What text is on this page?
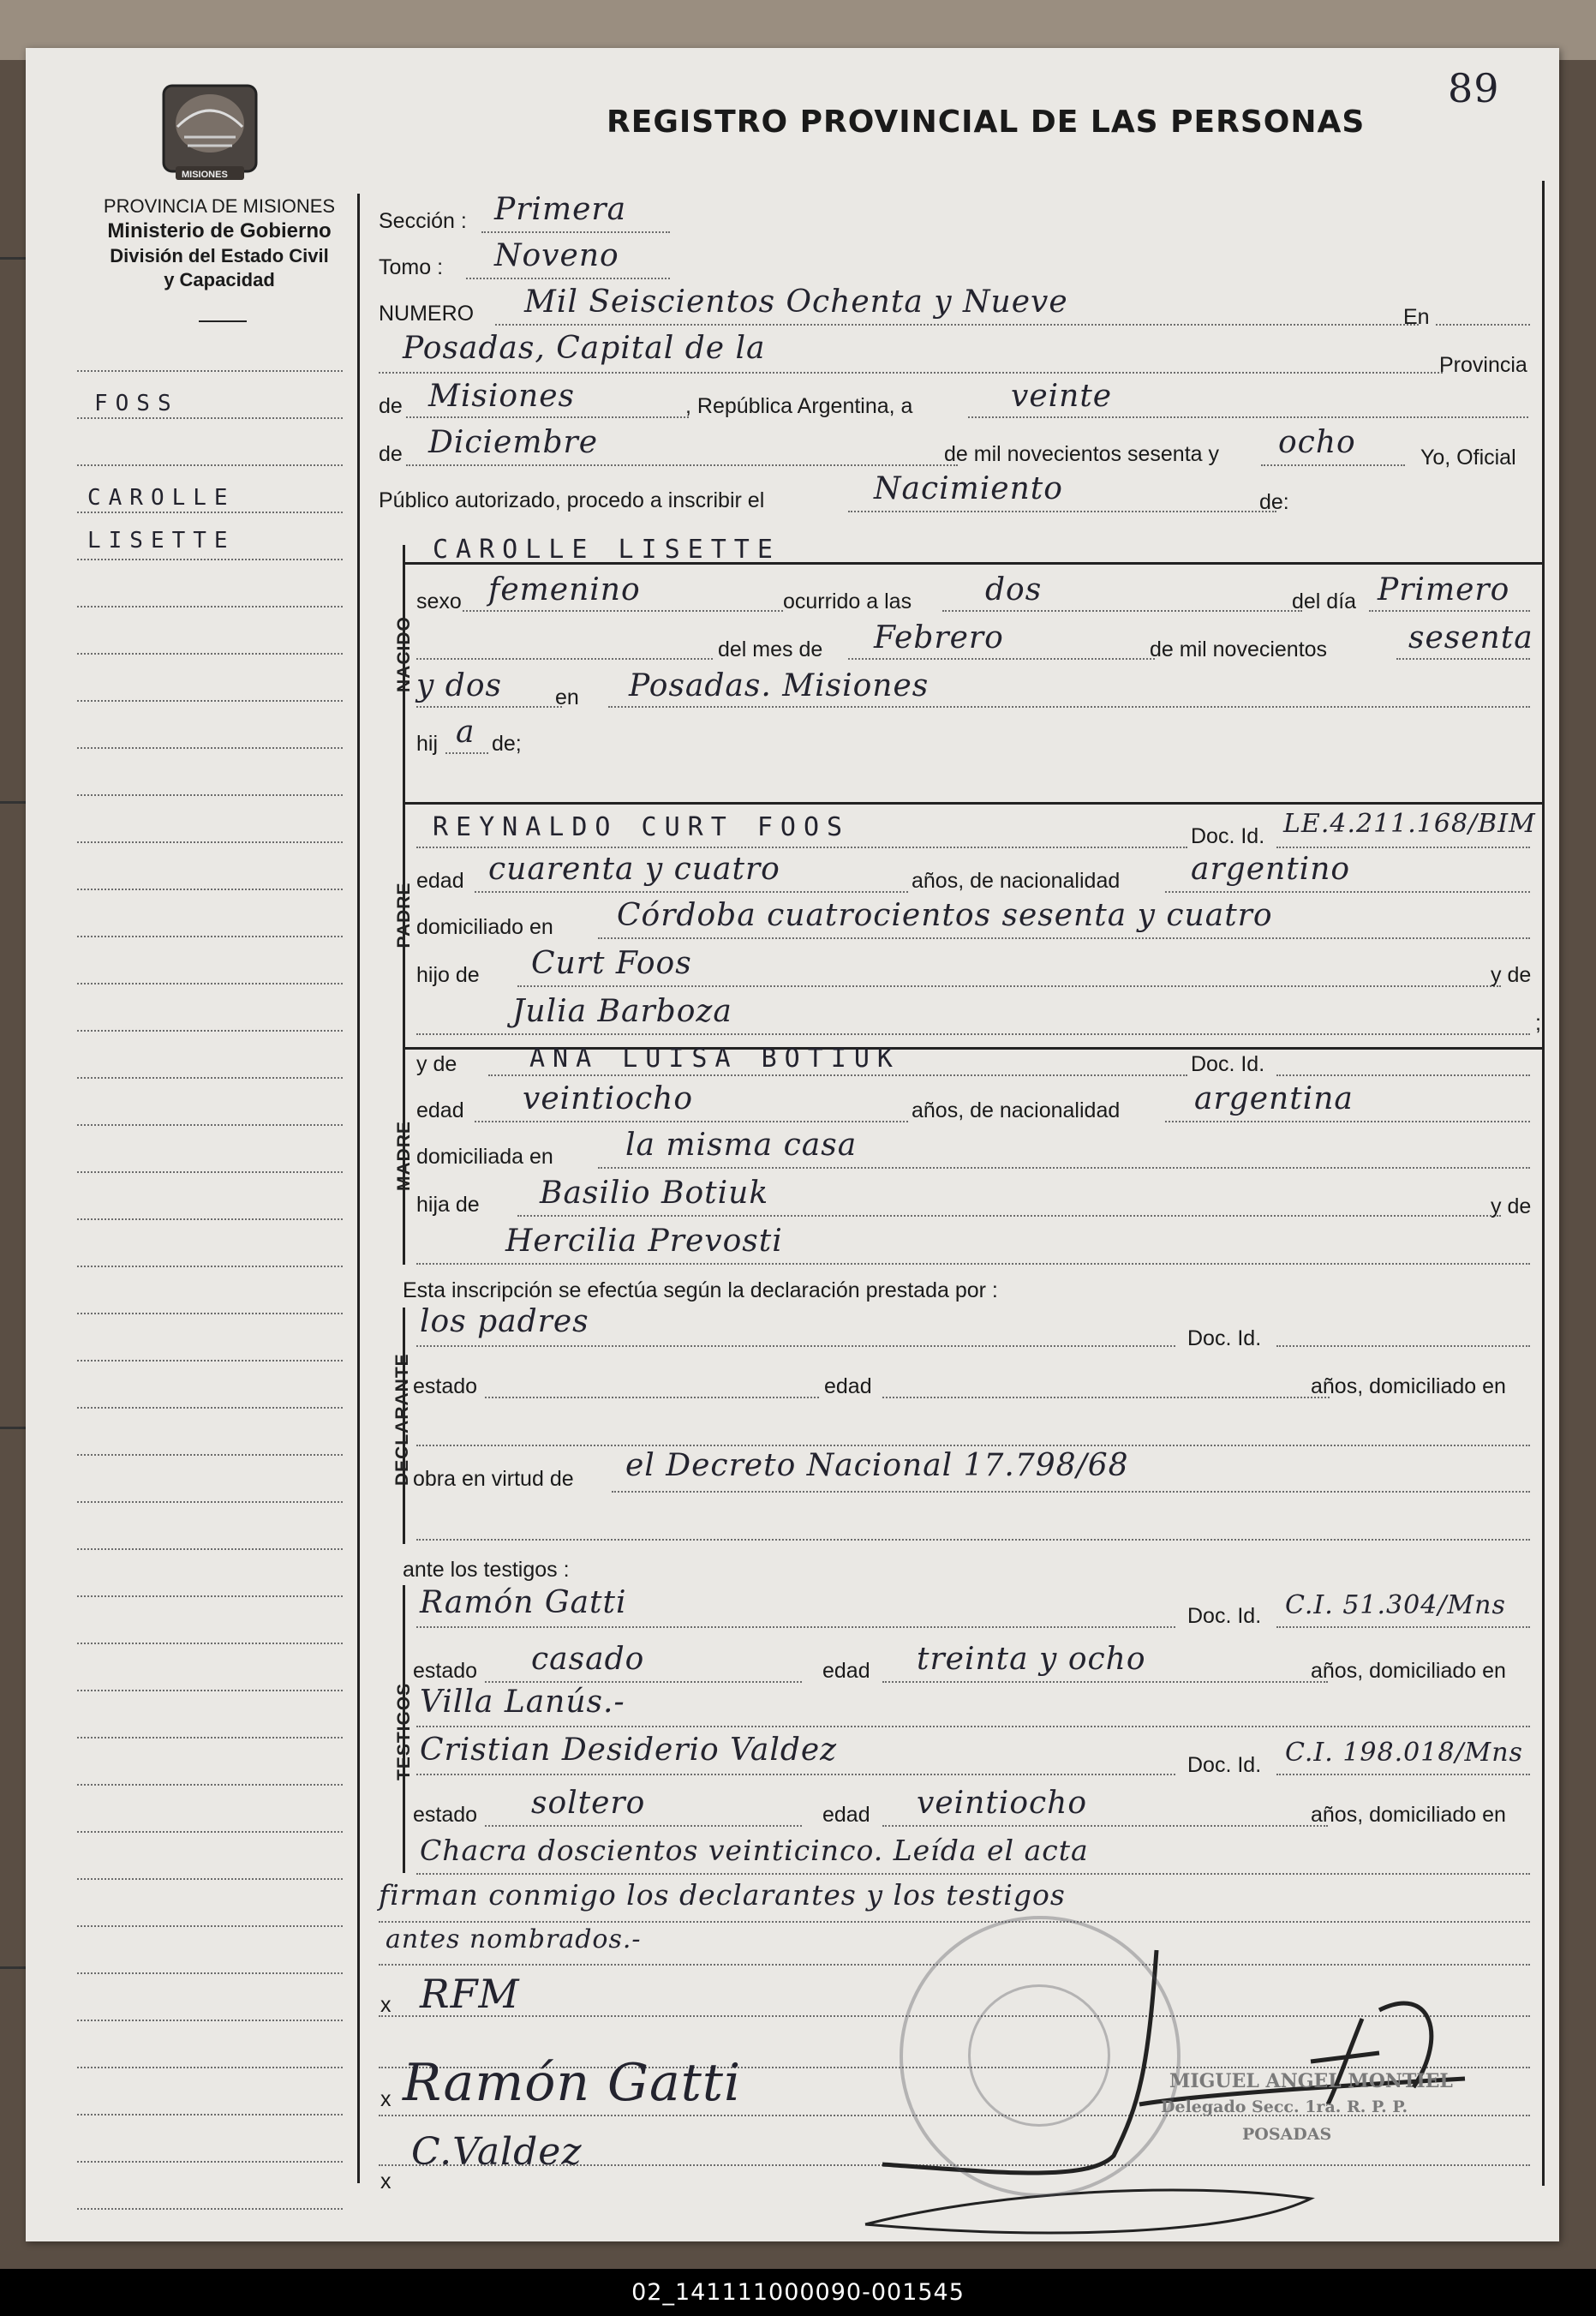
89
REGISTRO PROVINCIAL DE LAS PERSONAS
MISIONES
PROVINCIA DE MISIONES
Ministerio de Gobierno
División del Estado Civil
y Capacidad
FOSS
CAROLLE
LISETTE
Sección : Primera
Tomo : Noveno
NUMERO Mil Seiscientos Ochenta y Nueve	En
Posadas, Capital de la	Provincia
de Misiones	, República Argentina, a	veinte
de Diciembre	de mil novecientos sesenta y ocho	Yo, Oficial
Público autorizado, procedo a inscribir el	Nacimiento	de:
NACIDO
CAROLLE LISETTE
sexo femenino	ocurrido a las dos	del día Primero
del mes de Febrero	de mil novecientos	sesenta
y dos en Posadas. Misiones
hij a de;
PADRE
REYNALDO CURT FOOS	Doc. Id. LE.4.211.168/BIM
edad cuarenta y cuatro	años, de nacionalidad argentino
domiciliado en Córdoba cuatrocientos sesenta y cuatro
hijo de Curt Foos	y de
Julia Barboza	;
MADRE
y de	ANA LUISA BOTIUK	Doc. Id.
edad veintiocho	años, de nacionalidad argentina
domiciliada en la misma casa
hija de Basilio Botiuk	y de
Hercilia Prevosti
Esta inscripción se efectúa según la declaración prestada por :
DECLARANTE
los padres	Doc. Id.
estado	edad	años, domiciliado en
obra en virtud de el Decreto Nacional 17.798/68
ante los testigos :
TESTIGOS
Ramón Gatti	Doc. Id. C.I. 51.304/Mns
estado casado	edad treinta y ocho	años, domiciliado en
Villa Lanús.-
Cristian Desiderio Valdez	Doc. Id. C.I. 198.018/Mns
estado soltero	edad veintiocho	años, domiciliado en
Chacra doscientos veinticinco. Leída el acta
firman conmigo los declarantes y los testigos
antes nombrados.-
x RFM
x Ramón Gatti
x
C.Valdez
MIGUEL ANGEL MONTIEL
Delegado Secc. 1ra. R. P. P.
POSADAS
02_141111000090-001545
